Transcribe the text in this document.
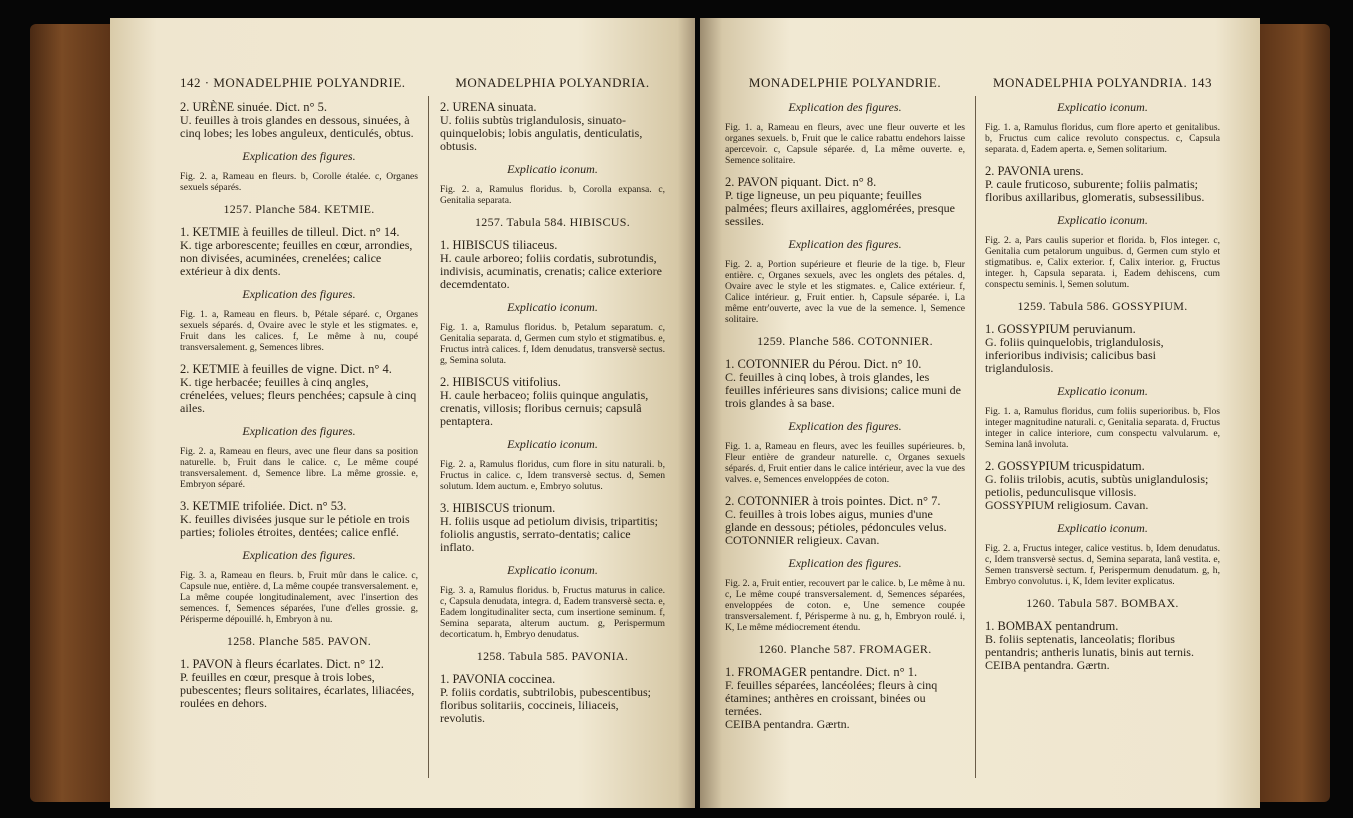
142 · MONADELPHIE POLYANDRIE.

2. URÈNE sinuée. Dict. n° 5.

U. feuilles à trois glandes en dessous, sinuées, à cinq lobes; les lobes anguleux, denticulés, obtus.

Explication des figures.

Fig. 2. a, Rameau en fleurs. b, Corolle étalée. c, Organes sexuels séparés.

1257. Planche 584. KETMIE.

1. KETMIE à feuilles de tilleul. Dict. n° 14.

K. tige arborescente; feuilles en cœur, arrondies, non divisées, acuminées, crenelées; calice extérieur à dix dents.

Explication des figures.

Fig. 1. a, Rameau en fleurs. b, Pétale séparé. c, Organes sexuels séparés. d, Ovaire avec le style et les stigmates. e, Fruit dans les calices. f, Le même à nu, coupé transversalement. g, Semences libres.

2. KETMIE à feuilles de vigne. Dict. n° 4.

K. tige herbacée; feuilles à cinq angles, crénelées, velues; fleurs penchées; capsule à cinq ailes.

Explication des figures.

Fig. 2. a, Rameau en fleurs, avec une fleur dans sa position naturelle. b, Fruit dans le calice. c, Le même coupé transversalement. d, Semence libre. La même grossie. e, Embryon séparé.

3. KETMIE trifoliée. Dict. n° 53.

K. feuilles divisées jusque sur le pétiole en trois parties; folioles étroites, dentées; calice enflé.

Explication des figures.

Fig. 3. a, Rameau en fleurs. b, Fruit mûr dans le calice. c, Capsule nue, entière. d, La même coupée transversalement. e, La même coupée longitudinalement, avec l'insertion des semences. f, Semences séparées, l'une d'elles grossie. g, Périsperme dépouillé. h, Embryon à nu.

1258. Planche 585. PAVON.

1. PAVON à fleurs écarlates. Dict. n° 12.

P. feuilles en cœur, presque à trois lobes, pubescentes; fleurs solitaires, écarlates, liliacées, roulées en dehors.

MONADELPHIA POLYANDRIA.

2. URENA sinuata.

U. foliis subtùs triglandulosis, sinuato-quinquelobis; lobis angulatis, denticulatis, obtusis.

Explicatio iconum.

Fig. 2. a, Ramulus floridus. b, Corolla expansa. c, Genitalia separata.

1257. Tabula 584. HIBISCUS.

1. HIBISCUS tiliaceus.

H. caule arboreo; foliis cordatis, subrotundis, indivisis, acuminatis, crenatis; calice exteriore decemdentato.

Explicatio iconum.

Fig. 1. a, Ramulus floridus. b, Petalum separatum. c, Genitalia separata. d, Germen cum stylo et stigmatibus. e, Fructus intrà calices. f, Idem denudatus, transversè sectus. g, Semina soluta.

2. HIBISCUS vitifolius.

H. caule herbaceo; foliis quinque angulatis, crenatis, villosis; floribus cernuis; capsulâ pentaptera.

Explicatio iconum.

Fig. 2. a, Ramulus floridus, cum flore in situ naturali. b, Fructus in calice. c, Idem transversè sectus. d, Semen solutum. Idem auctum. e, Embryo solutus.

3. HIBISCUS trionum.

H. foliis usque ad petiolum divisis, tripartitis; foliolis angustis, serrato-dentatis; calice inflato.

Explicatio iconum.

Fig. 3. a, Ramulus floridus. b, Fructus maturus in calice. c, Capsula denudata, integra. d, Eadem transversè secta. e, Eadem longitudinaliter secta, cum insertione seminum. f, Semina separata, alterum auctum. g, Perispermum decorticatum. h, Embryo denudatus.

1258. Tabula 585. PAVONIA.

1. PAVONIA coccinea.

P. foliis cordatis, subtrilobis, pubescentibus; floribus solitariis, coccineis, liliaceis, revolutis.

MONADELPHIE POLYANDRIE.

Explication des figures.

Fig. 1. a, Rameau en fleurs, avec une fleur ouverte et les organes sexuels. b, Fruit que le calice rabattu endehors laisse apercevoir. c, Capsule séparée. d, La même ouverte. e, Semence solitaire.

2. PAVON piquant. Dict. n° 8.

P. tige ligneuse, un peu piquante; feuilles palmées; fleurs axillaires, agglomérées, presque sessiles.

Explication des figures.

Fig. 2. a, Portion supérieure et fleurie de la tige. b, Fleur entière. c, Organes sexuels, avec les onglets des pétales. d, Ovaire avec le style et les stigmates. e, Calice extérieur. f, Calice intérieur. g, Fruit entier. h, Capsule séparée. i, La même entr'ouverte, avec la vue de la semence. l, Semence solitaire.

1259. Planche 586. COTONNIER.

1. COTONNIER du Pérou. Dict. n° 10.

C. feuilles à cinq lobes, à trois glandes, les feuilles inférieures sans divisions; calice muni de trois glandes à sa base.

Explication des figures.

Fig. 1. a, Rameau en fleurs, avec les feuilles supérieures. b, Fleur entière de grandeur naturelle. c, Organes sexuels séparés. d, Fruit entier dans le calice intérieur, avec la vue des valves. e, Semences enveloppées de coton.

2. COTONNIER à trois pointes. Dict. n° 7.

C. feuilles à trois lobes aigus, munies d'une glande en dessous; pétioles, pédoncules velus.

COTONNIER religieux. Cavan.

Explication des figures.

Fig. 2. a, Fruit entier, recouvert par le calice. b, Le même à nu. c, Le même coupé transversalement. d, Semences séparées, enveloppées de coton. e, Une semence coupée transversalement. f, Périsperme à nu. g, h, Embryon roulé. i, K, Le même médiocrement étendu.

1260. Planche 587. FROMAGER.

1. FROMAGER pentandre. Dict. n° 1.

F. feuilles séparées, lancéolées; fleurs à cinq étamines; anthères en croissant, binées ou ternées.

CEIBA pentandra. Gærtn.

MONADELPHIA POLYANDRIA. 143

Explicatio iconum.

Fig. 1. a, Ramulus floridus, cum flore aperto et genitalibus. b, Fructus cum calice revoluto conspectus. c, Capsula separata. d, Eadem aperta. e, Semen solitarium.

2. PAVONIA urens.

P. caule fruticoso, suburente; foliis palmatis; floribus axillaribus, glomeratis, subsessilibus.

Explicatio iconum.

Fig. 2. a, Pars caulis superior et florida. b, Flos integer. c, Genitalia cum petalorum unguibus. d, Germen cum stylo et stigmatibus. e, Calix exterior. f, Calix interior. g, Fructus integer. h, Capsula separata. i, Eadem dehiscens, cum conspectu seminis. l, Semen solutum.

1259. Tabula 586. GOSSYPIUM.

1. GOSSYPIUM peruvianum.

G. foliis quinquelobis, triglandulosis, inferioribus indivisis; calicibus basi triglandulosis.

Explicatio iconum.

Fig. 1. a, Ramulus floridus, cum foliis superioribus. b, Flos integer magnitudine naturali. c, Genitalia separata. d, Fructus integer in calice interiore, cum conspectu valvularum. e, Semina lanâ involuta.

2. GOSSYPIUM tricuspidatum.

G. foliis trilobis, acutis, subtùs uniglandulosis; petiolis, pedunculisque villosis.

GOSSYPIUM religiosum. Cavan.

Explicatio iconum.

Fig. 2. a, Fructus integer, calice vestitus. b, Idem denudatus. c, Idem transversè sectus. d, Semina separata, lanâ vestita. e, Semen transversè sectum. f, Perispermum denudatum. g, h, Embryo convolutus. i, K, Idem leviter explicatus.

1260. Tabula 587. BOMBAX.

1. BOMBAX pentandrum.

B. foliis septenatis, lanceolatis; floribus pentandris; antheris lunatis, binis aut ternis.

CEIBA pentandra. Gærtn.
